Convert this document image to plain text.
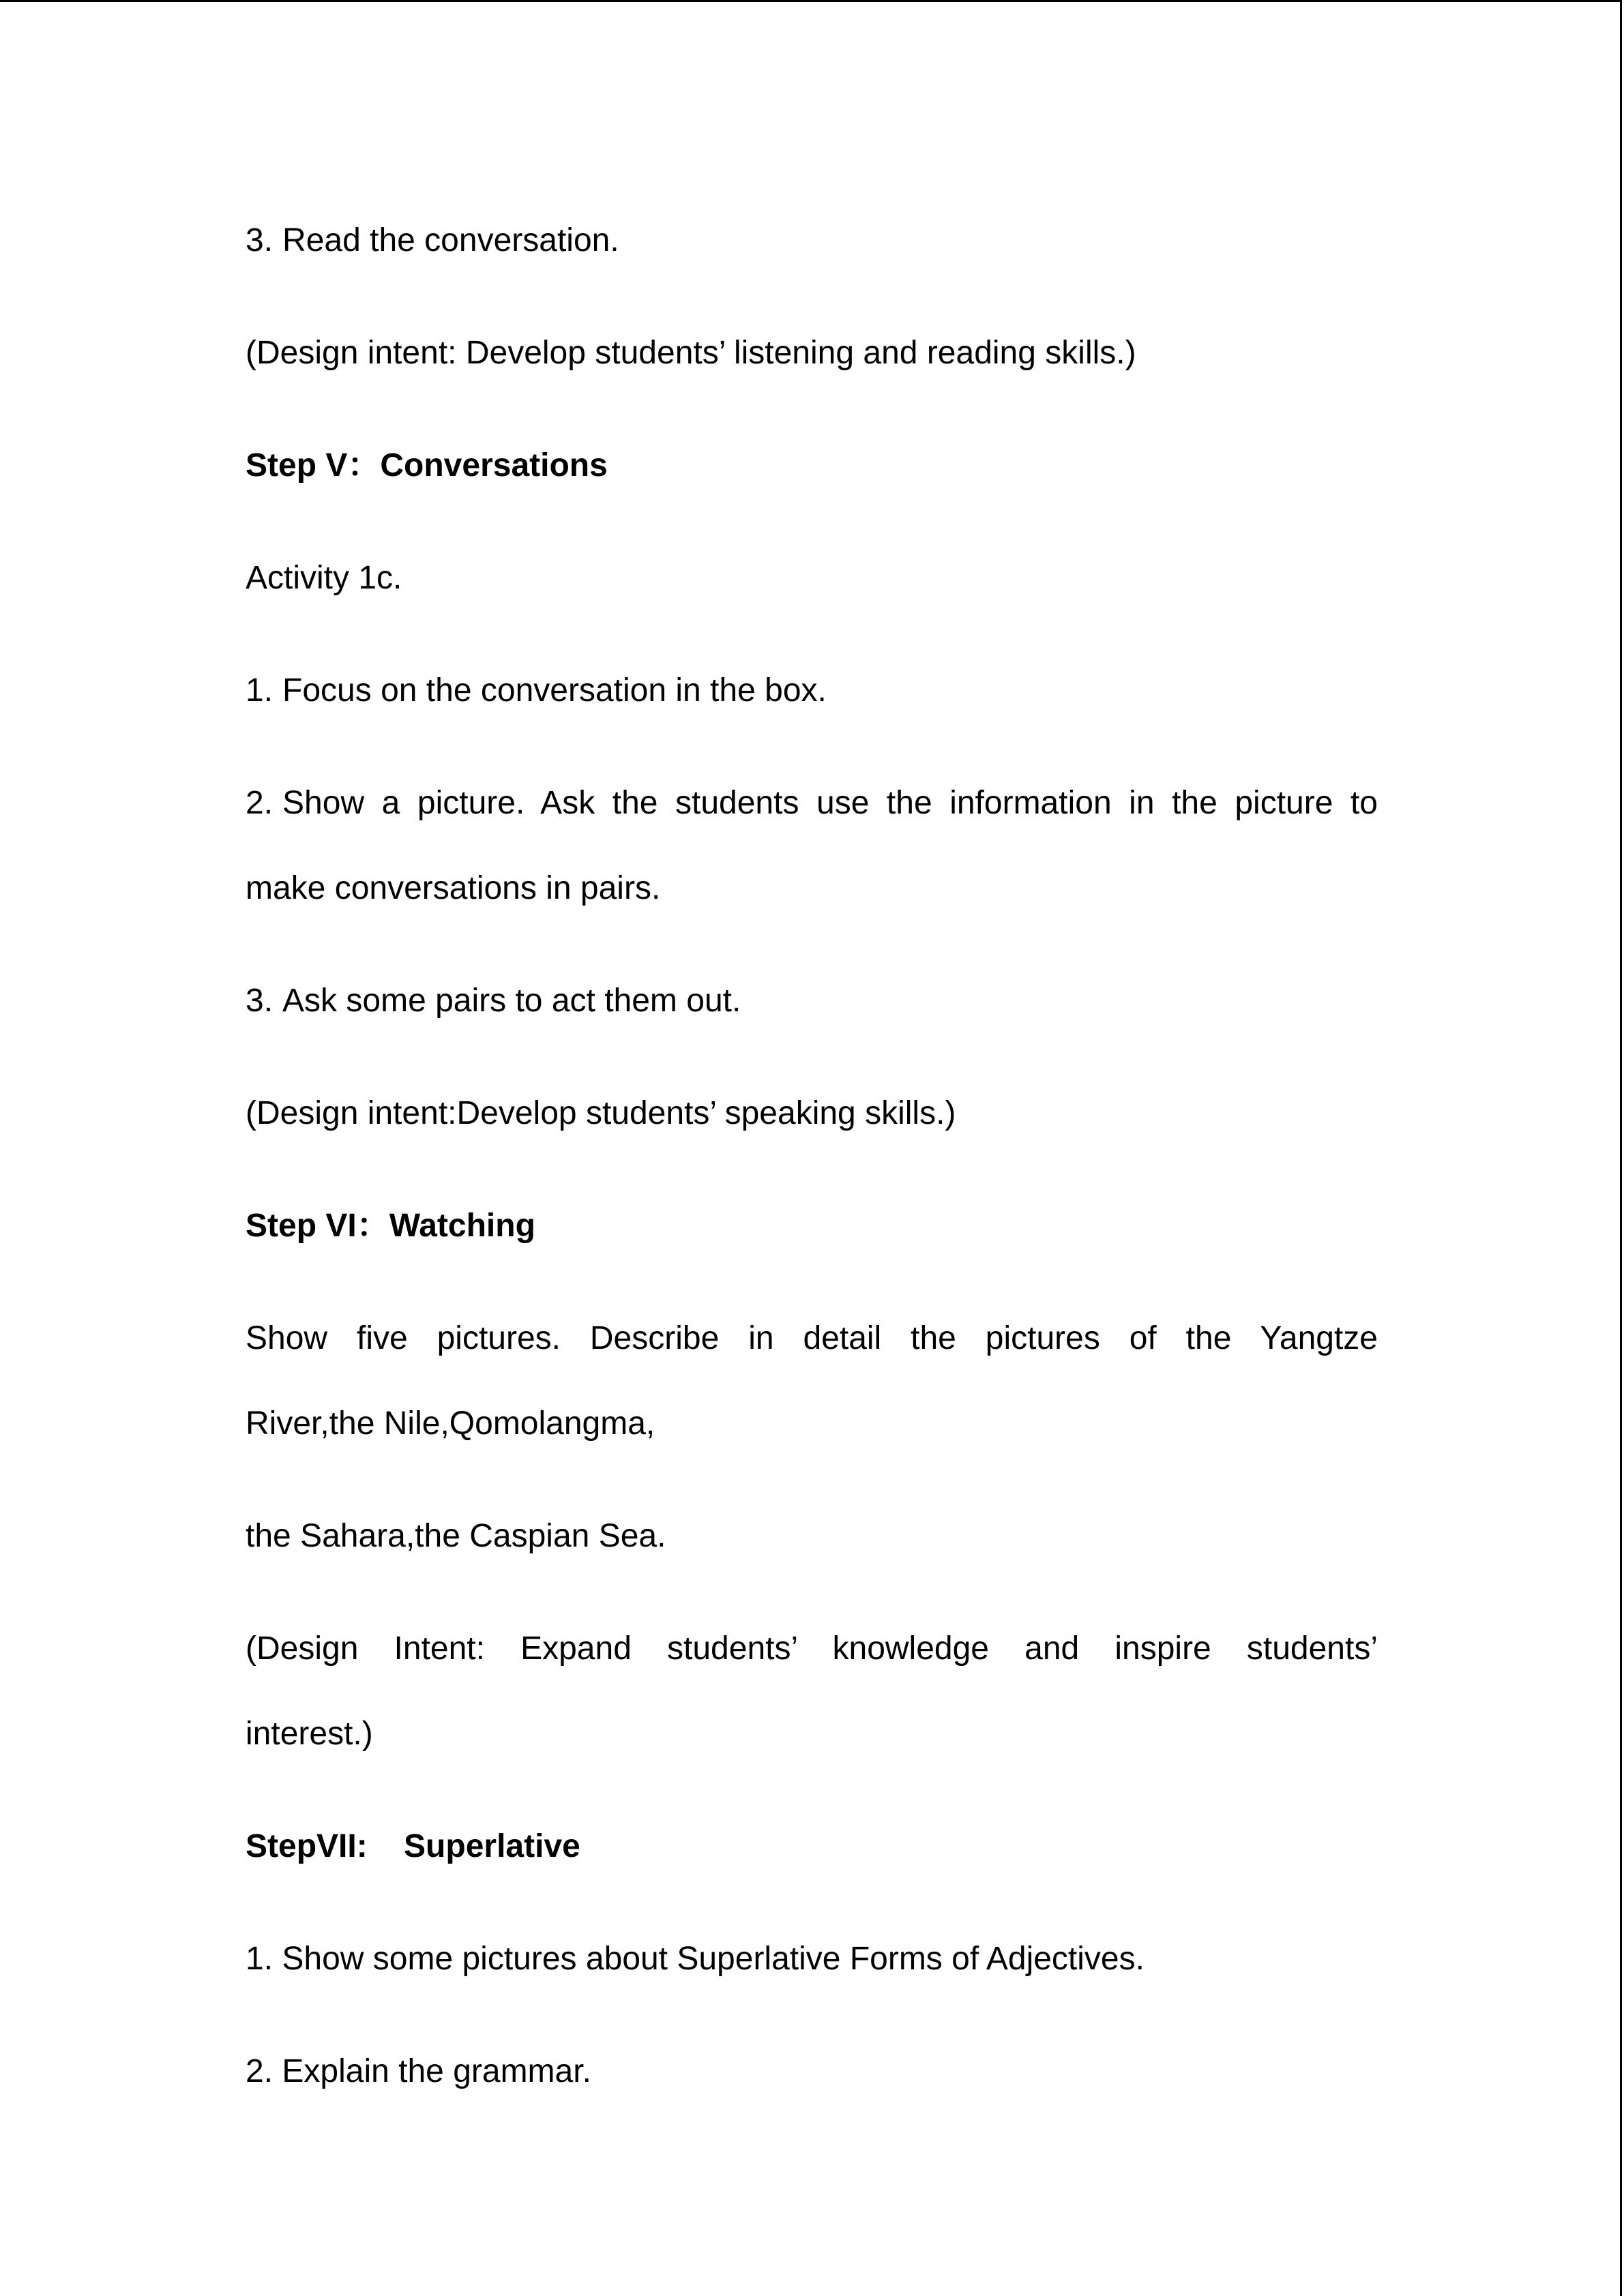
3. Read the conversation.
(Design intent: Develop students’ listening and reading skills.)
Step V：Conversations
Activity 1c.
1. Focus on the conversation in the box.
2. Show a picture. Ask the students use the information in the picture to
make conversations in pairs.
3. Ask some pairs to act them out.
(Design intent:Develop students’ speaking skills.)
Step VI：Watching
Show five pictures. Describe in detail the pictures of the Yangtze
River,the Nile,Qomolangma,
the Sahara,the Caspian Sea.
(Design Intent: Expand students’ knowledge and inspire students’
interest.)
StepVII:    Superlative
1. Show some pictures about Superlative Forms of Adjectives.
2. Explain the grammar.
